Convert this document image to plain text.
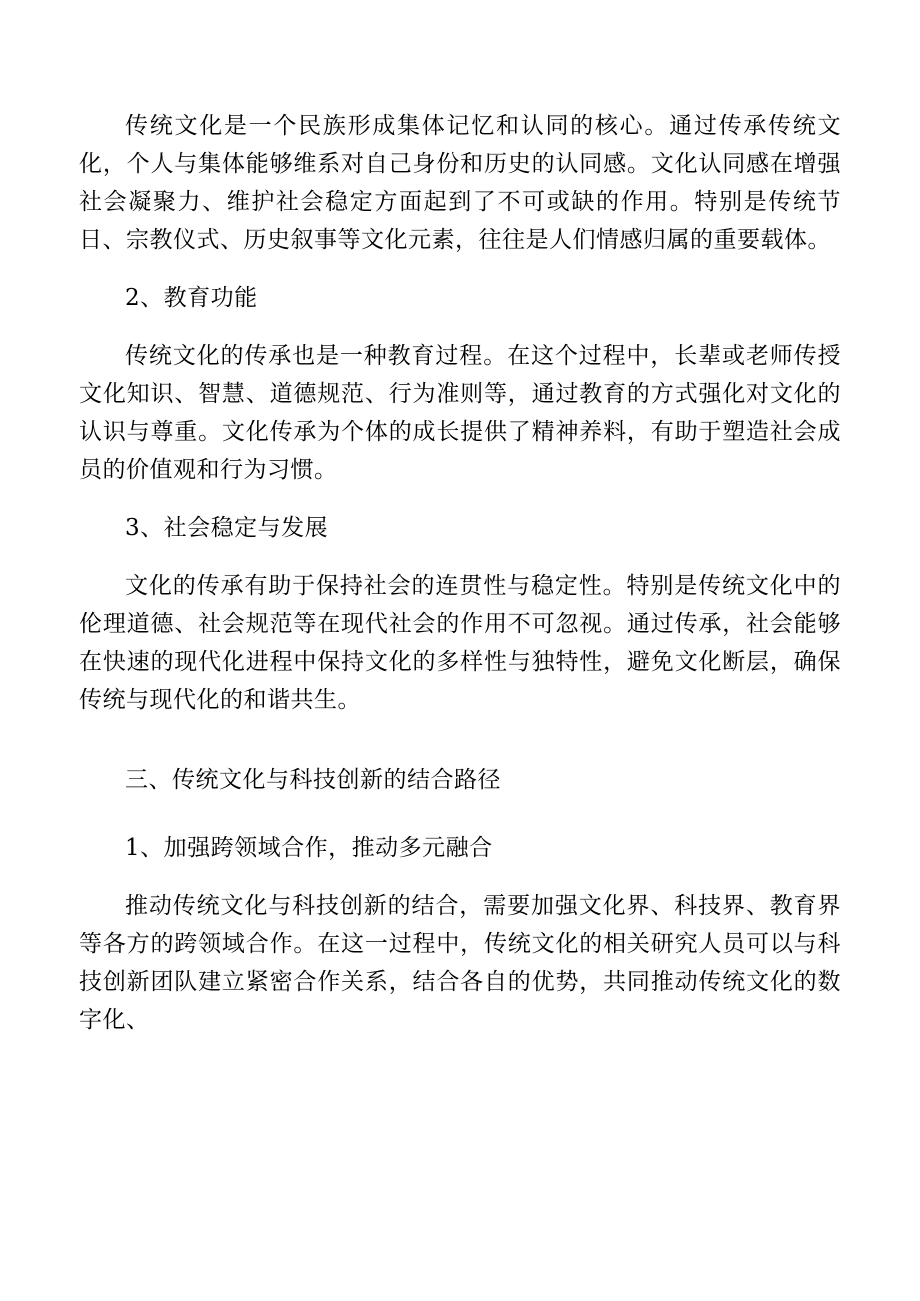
传统文化是一个民族形成集体记忆和认同的核心。通过传承传统文化，个人与集体能够维系对自己身份和历史的认同感。文化认同感在增强社会凝聚力、维护社会稳定方面起到了不可或缺的作用。特别是传统节日、宗教仪式、历史叙事等文化元素，往往是人们情感归属的重要载体。

2、教育功能

传统文化的传承也是一种教育过程。在这个过程中，长辈或老师传授文化知识、智慧、道德规范、行为准则等，通过教育的方式强化对文化的认识与尊重。文化传承为个体的成长提供了精神养料，有助于塑造社会成员的价值观和行为习惯。

3、社会稳定与发展

文化的传承有助于保持社会的连贯性与稳定性。特别是传统文化中的伦理道德、社会规范等在现代社会的作用不可忽视。通过传承，社会能够在快速的现代化进程中保持文化的多样性与独特性，避免文化断层，确保传统与现代化的和谐共生。

三、传统文化与科技创新的结合路径

1、加强跨领域合作，推动多元融合

推动传统文化与科技创新的结合，需要加强文化界、科技界、教育界等各方的跨领域合作。在这一过程中，传统文化的相关研究人员可以与科技创新团队建立紧密合作关系，结合各自的优势，共同推动传统文化的数字化、
